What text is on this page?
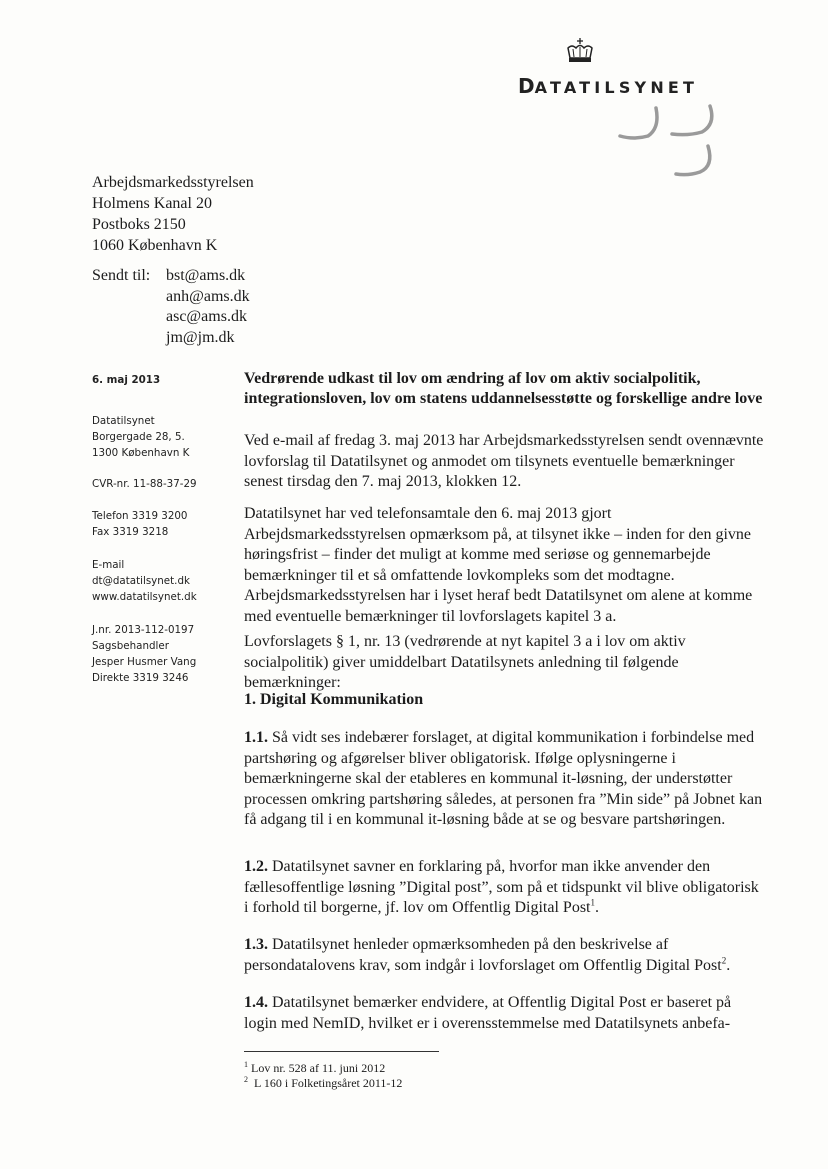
DATATILSYNET
Arbejdsmarkedsstyrelsen
Holmens Kanal 20
Postboks 2150
1060 København K
Sendt til: bst@ams.dk
anh@ams.dk
asc@ams.dk
jm@jm.dk
6. maj 2013
Datatilsynet
Borgergade 28, 5.
1300 København K
CVR-nr. 11-88-37-29
Telefon 3319 3200
Fax 3319 3218
E-mail
dt@datatilsynet.dk
www.datatilsynet.dk
J.nr. 2013-112-0197
Sagsbehandler
Jesper Husmer Vang
Direkte 3319 3246

Vedrørende udkast til lov om ændring af lov om aktiv socialpolitik, integrationsloven, lov om statens uddannelsesstøtte og forskellige andre love

Ved e-mail af fredag 3. maj 2013 har Arbejdsmarkedsstyrelsen sendt ovennævnte lovforslag til Datatilsynet og anmodet om tilsynets eventuelle bemærkninger senest tirsdag den 7. maj 2013, klokken 12.

Datatilsynet har ved telefonsamtale den 6. maj 2013 gjort Arbejdsmarkedsstyrelsen opmærksom på, at tilsynet ikke – inden for den givne høringsfrist – finder det muligt at komme med seriøse og gennemarbejde bemærkninger til et så omfattende lovkompleks som det modtagne. Arbejdsmarkedsstyrelsen har i lyset heraf bedt Datatilsynet om alene at komme med eventuelle bemærkninger til lovforslagets kapitel 3 a.

Lovforslagets § 1, nr. 13 (vedrørende at nyt kapitel 3 a i lov om aktiv socialpolitik) giver umiddelbart Datatilsynets anledning til følgende bemærkninger:

1. Digital Kommunikation

1.1. Så vidt ses indebærer forslaget, at digital kommunikation i forbindelse med partshøring og afgørelser bliver obligatorisk. Ifølge oplysningerne i bemærkningerne skal der etableres en kommunal it-løsning, der understøtter processen omkring partshøring således, at personen fra ”Min side” på Jobnet kan få adgang til i en kommunal it-løsning både at se og besvare partshøringen.

1.2. Datatilsynet savner en forklaring på, hvorfor man ikke anvender den fællesoffentlige løsning ”Digital post”, som på et tidspunkt vil blive obligatorisk i forhold til borgerne, jf. lov om Offentlig Digital Post$^1$.

1.3. Datatilsynet henleder opmærksomheden på den beskrivelse af persondatalovens krav, som indgår i lovforslaget om Offentlig Digital Post$^2$.

1.4. Datatilsynet bemærker endvidere, at Offentlig Digital Post er baseret på login med NemID, hvilket er i overensstemmelse med Datatilsynets anbefa-

$^1$ Lov nr. 528 af 11. juni 2012
$^2$ L 160 i Folketingsåret 2011-12
